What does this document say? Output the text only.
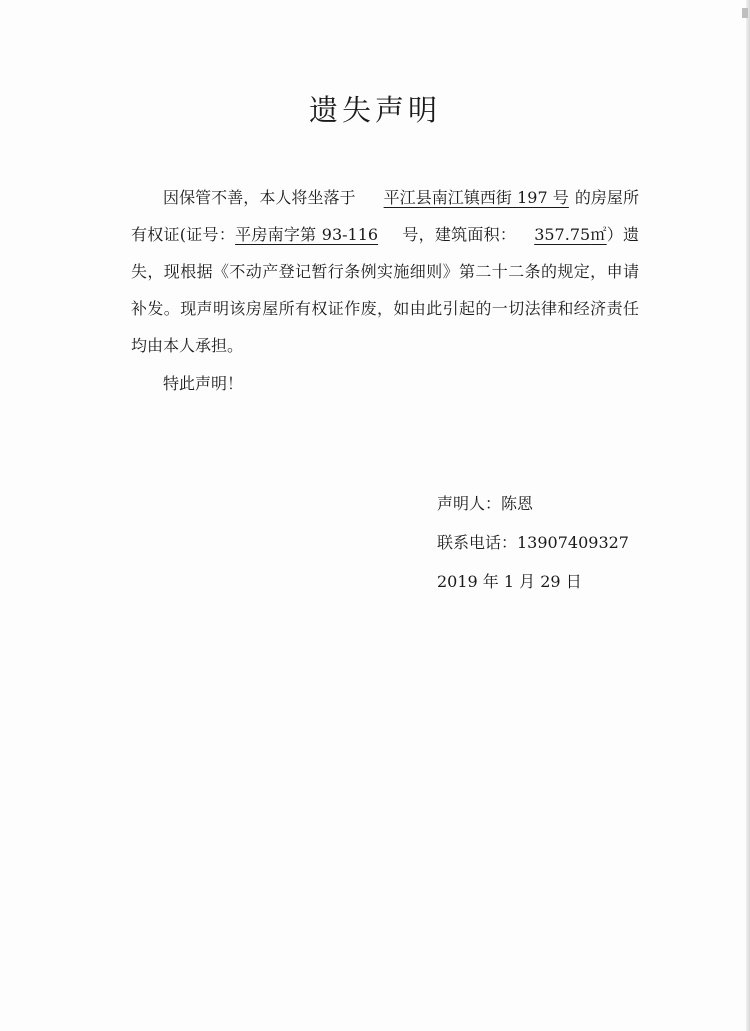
遗失声明

因保管不善，本人将坐落于 平江县南江镇西街 197 号 的房屋所有权证(证号：平房南字第 93-116 号，建筑面积： 357.75㎡）遗失，现根据《不动产登记暂行条例实施细则》第二十二条的规定，申请补发。现声明该房屋所有权证作废，如由此引起的一切法律和经济责任均由本人承担。

特此声明！

声明人：陈恩

联系电话：13907409327

2019 年 1 月 29 日
